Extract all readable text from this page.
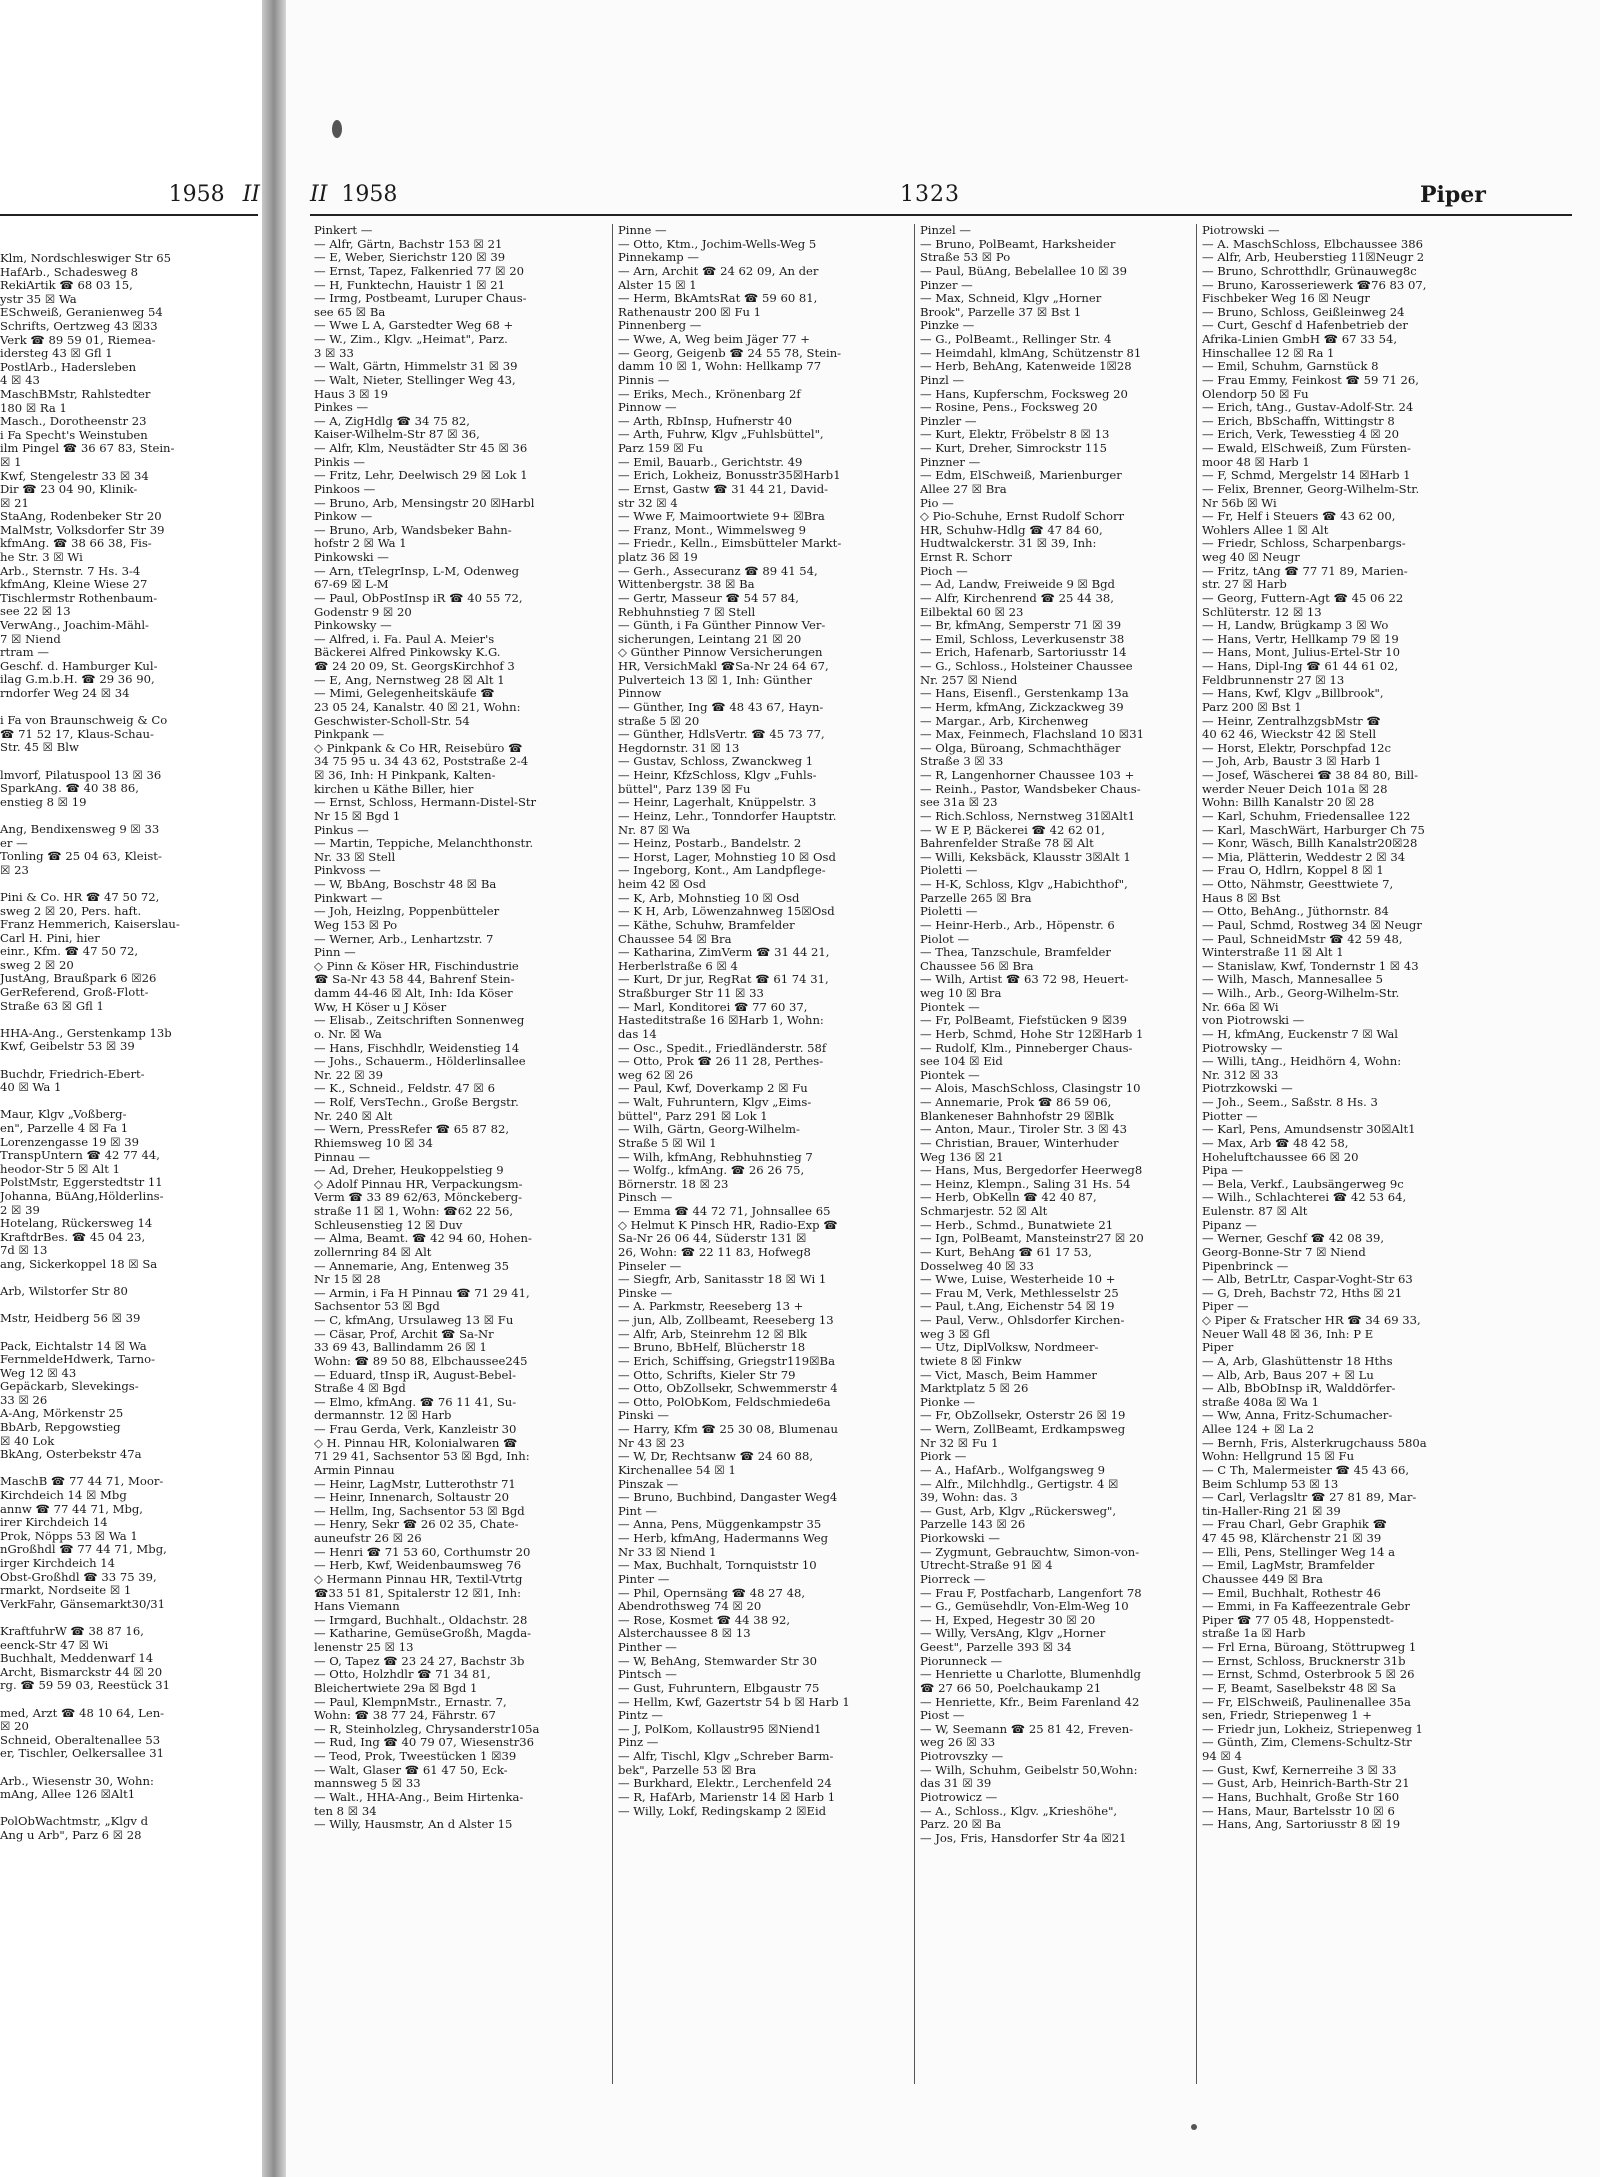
1958 II
Klm, Nordschleswiger Str 65
HafArb., Schadesweg 8
RekiArtik ☎ 68 03 15,
ystr 35 ☒ Wa
ESchweiß, Geranienweg 54
Schrifts, Oertzweg 43 ☒33
Verk ☎ 89 59 01, Riemea-
idersteg 43 ☒ Gfl 1
PostlArb., Hadersleben
4 ☒ 43
MaschBMstr, Rahlstedter
180 ☒ Ra 1
Masch., Dorotheenstr 23
i Fa Specht's Weinstuben
ilm Pingel ☎ 36 67 83, Stein-
☒ 1
Kwf, Stengelestr 33 ☒ 34
Dir ☎ 23 04 90, Klinik-
☒ 21
StaAng, Rodenbeker Str 20
MalMstr, Volksdorfer Str 39
kfmAng. ☎ 38 66 38, Fis-
he Str. 3 ☒ Wi
Arb., Sternstr. 7 Hs. 3-4
kfmAng, Kleine Wiese 27
Tischlermstr Rothenbaum-
see 22 ☒ 13
VerwAng., Joachim-Mähl-
7 ☒ Niend
rtram —
Geschf. d. Hamburger Kul-
ilag G.m.b.H. ☎ 29 36 90,
rndorfer Weg 24 ☒ 34

i Fa von Braunschweig & Co
☎ 71 52 17, Klaus-Schau-
Str. 45 ☒ Blw

lmvorf, Pilatuspool 13 ☒ 36
SparkAng. ☎ 40 38 86,
enstieg 8 ☒ 19

Ang, Bendixensweg 9 ☒ 33
er —
Tonling ☎ 25 04 63, Kleist-
☒ 23

Pini & Co. HR ☎ 47 50 72,
sweg 2 ☒ 20, Pers. haft.
Franz Hemmerich, Kaiserslau-
Carl H. Pini, hier
einr., Kfm. ☎ 47 50 72,
sweg 2 ☒ 20
JustAng, Braußpark 6 ☒26
GerReferend, Groß-Flott-
Straße 63 ☒ Gfl 1

HHA-Ang., Gerstenkamp 13b
Kwf, Geibelstr 53 ☒ 39

Buchdr, Friedrich-Ebert-
40 ☒ Wa 1

Maur, Klgv „Voßberg-
en", Parzelle 4 ☒ Fa 1
Lorenzengasse 19 ☒ 39
TranspUntern ☎ 42 77 44,
heodor-Str 5 ☒ Alt 1
PolstMstr, Eggerstedtstr 11
Johanna, BüAng,Hölderlins-
2 ☒ 39
Hotelang, Rückersweg 14
KraftdrBes. ☎ 45 04 23,
7d ☒ 13
ang, Sickerkoppel 18 ☒ Sa

Arb, Wilstorfer Str 80

Mstr, Heidberg 56 ☒ 39

Pack, Eichtalstr 14 ☒ Wa
FernmeldeHdwerk, Tarno-
Weg 12 ☒ 43
Gepäckarb, Slevekings-
33 ☒ 26
A-Ang, Mörkenstr 25
BbArb, Repgowstieg
☒ 40 Lok
BkAng, Osterbekstr 47a

MaschB ☎ 77 44 71, Moor-
Kirchdeich 14 ☒ Mbg
annw ☎ 77 44 71, Mbg,
irer Kirchdeich 14
Prok, Nöpps 53 ☒ Wa 1
nGroßhdl ☎ 77 44 71, Mbg,
irger Kirchdeich 14
Obst-Großhdl ☎ 33 75 39,
rmarkt, Nordseite ☒ 1
VerkFahr, Gänsemarkt30/31

KraftfuhrW ☎ 38 87 16,
eenck-Str 47 ☒ Wi
Buchhalt, Meddenwarf 14
Archt, Bismarckstr 44 ☒ 20
rg. ☎ 59 59 03, Reestück 31

med, Arzt ☎ 48 10 64, Len-
☒ 20
Schneid, Oberaltenallee 53
er, Tischler, Oelkersallee 31

Arb., Wiesenstr 30, Wohn:
mAng, Allee 126 ☒Alt1

PolObWachtmstr, „Klgv d
Ang u Arb", Parz 6 ☒ 28
II 1958	1323	Piper
Pinkert —
— Alfr, Gärtn, Bachstr 153 ☒ 21
— E, Weber, Sierichstr 120 ☒ 39
— Ernst, Tapez, Falkenried 77 ☒ 20
— H, Funktechn, Hauistr 1 ☒ 21
— Irmg, Postbeamt, Luruper Chaus-
see 65 ☒ Ba
— Wwe L A, Garstedter Weg 68 +
— W., Zim., Klgv. „Heimat", Parz.
3 ☒ 33
— Walt, Gärtn, Himmelstr 31 ☒ 39
— Walt, Nieter, Stellinger Weg 43,
Haus 3 ☒ 19
Pinkes —
— A, ZigHdlg ☎ 34 75 82,
Kaiser-Wilhelm-Str 87 ☒ 36,
— Alfr, Klm, Neustädter Str 45 ☒ 36
Pinkis —
— Fritz, Lehr, Deelwisch 29 ☒ Lok 1
Pinkoos —
— Bruno, Arb, Mensingstr 20 ☒Harbl
Pinkow —
— Bruno, Arb, Wandsbeker Bahn-
hofstr 2 ☒ Wa 1
Pinkowski —
— Arn, tTelegrInsp, L-M, Odenweg
67-69 ☒ L-M
— Paul, ObPostInsp iR ☎ 40 55 72,
Godenstr 9 ☒ 20
Pinkowsky —
— Alfred, i. Fa. Paul A. Meier's
Bäckerei Alfred Pinkowsky K.G.
☎ 24 20 09, St. GeorgsKirchhof 3
— E, Ang, Nernstweg 28 ☒ Alt 1
— Mimi, Gelegenheitskäufe ☎
23 05 24, Kanalstr. 40 ☒ 21, Wohn:
Geschwister-Scholl-Str. 54
Pinkpank —
◇ Pinkpank & Co HR, Reisebüro ☎
34 75 95 u. 34 43 62, Poststraße 2-4
☒ 36, Inh: H Pinkpank, Kalten-
kirchen u Käthe Biller, hier
— Ernst, Schloss, Hermann-Distel-Str
Nr 15 ☒ Bgd 1
Pinkus —
— Martin, Teppiche, Melanchthonstr.
Nr. 33 ☒ Stell
Pinkvoss —
— W, BbAng, Boschstr 48 ☒ Ba
Pinkwart —
— Joh, Heizlng, Poppenbütteler
Weg 153 ☒ Po
— Werner, Arb., Lenhartzstr. 7
Pinn —
◇ Pinn & Köser HR, Fischindustrie
☎ Sa-Nr 43 58 44, Bahrenf Stein-
damm 44-46 ☒ Alt, Inh: Ida Köser
Ww, H Köser u J Köser
— Elisab., Zeitschriften Sonnenweg
o. Nr. ☒ Wa
— Hans, Fischhdlr, Weidenstieg 14
— Johs., Schauerm., Hölderlinsallee
Nr. 22 ☒ 39
— K., Schneid., Feldstr. 47 ☒ 6
— Rolf, VersTechn., Große Bergstr.
Nr. 240 ☒ Alt
— Wern, PressRefer ☎ 65 87 82,
Rhiemsweg 10 ☒ 34
Pinnau —
— Ad, Dreher, Heukoppelstieg 9
◇ Adolf Pinnau HR, Verpackungsm-
Verm ☎ 33 89 62/63, Mönckeberg-
straße 11 ☒ 1, Wohn: ☎62 22 56,
Schleusenstieg 12 ☒ Duv
— Alma, Beamt. ☎ 42 94 60, Hohen-
zollernring 84 ☒ Alt
— Annemarie, Ang, Entenweg 35
Nr 15 ☒ 28
— Armin, i Fa H Pinnau ☎ 71 29 41,
Sachsentor 53 ☒ Bgd
— C, kfmAng, Ursulaweg 13 ☒ Fu
— Cäsar, Prof, Archit ☎ Sa-Nr
33 69 43, Ballindamm 26 ☒ 1
Wohn: ☎ 89 50 88, Elbchaussee245
— Eduard, tInsp iR, August-Bebel-
Straße 4 ☒ Bgd
— Elmo, kfmAng. ☎ 76 11 41, Su-
dermannstr. 12 ☒ Harb
— Frau Gerda, Verk, Kanzleistr 30
◇ H. Pinnau HR, Kolonialwaren ☎
71 29 41, Sachsentor 53 ☒ Bgd, Inh:
Armin Pinnau
— Heinr, LagMstr, Lutterothstr 71
— Heinr, Innenarch, Soltaustr 20
— Hellm, Ing, Sachsentor 53 ☒ Bgd
— Henry, Sekr ☎ 26 02 35, Chate-
auneufstr 26 ☒ 26
— Henri ☎ 71 53 60, Corthumstr 20
— Herb, Kwf, Weidenbaumsweg 76
◇ Hermann Pinnau HR, Textil-Vtrtg
☎33 51 81, Spitalerstr 12 ☒1, Inh:
Hans Viemann
— Irmgard, Buchhalt., Oldachstr. 28
— Katharine, GemüseGroßh, Magda-
lenenstr 25 ☒ 13
— O, Tapez ☎ 23 24 27, Bachstr 3b
— Otto, Holzhdlr ☎ 71 34 81,
Bleichertwiete 29a ☒ Bgd 1
— Paul, KlempnMstr., Ernastr. 7,
Wohn: ☎ 38 77 24, Fährstr. 67
— R, Steinholzleg, Chrysanderstr105a
— Rud, Ing ☎ 40 79 07, Wiesenstr36
— Teod, Prok, Tweestücken 1 ☒39
— Walt, Glaser ☎ 61 47 50, Eck-
mannsweg 5 ☒ 33
— Walt., HHA-Ang., Beim Hirtenka-
ten 8 ☒ 34
— Willy, Hausmstr, An d Alster 15
Pinne —
— Otto, Ktm., Jochim-Wells-Weg 5
Pinnekamp —
— Arn, Archit ☎ 24 62 09, An der
Alster 15 ☒ 1
— Herm, BkAmtsRat ☎ 59 60 81,
Rathenaustr 200 ☒ Fu 1
Pinnenberg —
— Wwe, A, Weg beim Jäger 77 +
— Georg, Geigenb ☎ 24 55 78, Stein-
damm 10 ☒ 1, Wohn: Hellkamp 77
Pinnis —
— Eriks, Mech., Krönenbarg 2f
Pinnow —
— Arth, RbInsp, Hufnerstr 40
— Arth, Fuhrw, Klgv „Fuhlsbüttel",
Parz 159 ☒ Fu
— Emil, Bauarb., Gerichtstr. 49
— Erich, Lokheiz, Bonusstr35☒Harb1
— Ernst, Gastw ☎ 31 44 21, David-
str 32 ☒ 4
— Wwe F, Maimoortwiete 9+ ☒Bra
— Franz, Mont., Wimmelsweg 9
— Friedr., Kelln., Eimsbütteler Markt-
platz 36 ☒ 19
— Gerh., Assecuranz ☎ 89 41 54,
Wittenbergstr. 38 ☒ Ba
— Gertr, Masseur ☎ 54 57 84,
Rebhuhnstieg 7 ☒ Stell
— Günth, i Fa Günther Pinnow Ver-
sicherungen, Leintang 21 ☒ 20
◇ Günther Pinnow Versicherungen
HR, VersichMakl ☎Sa-Nr 24 64 67,
Pulverteich 13 ☒ 1, Inh: Günther
Pinnow
— Günther, Ing ☎ 48 43 67, Hayn-
straße 5 ☒ 20
— Günther, HdlsVertr. ☎ 45 73 77,
Hegdornstr. 31 ☒ 13
— Gustav, Schloss, Zwanckweg 1
— Heinr, KfzSchloss, Klgv „Fuhls-
büttel", Parz 139 ☒ Fu
— Heinr, Lagerhalt, Knüppelstr. 3
— Heinz, Lehr., Tonndorfer Hauptstr.
Nr. 87 ☒ Wa
— Heinz, Postarb., Bandelstr. 2
— Horst, Lager, Mohnstieg 10 ☒ Osd
— Ingeborg, Kont., Am Landpflege-
heim 42 ☒ Osd
— K, Arb, Mohnstieg 10 ☒ Osd
— K H, Arb, Löwenzahnweg 15☒Osd
— Käthe, Schuhw, Bramfelder
Chaussee 54 ☒ Bra
— Katharina, ZimVerm ☎ 31 44 21,
Herberlstraße 6 ☒ 4
— Kurt, Dr jur, RegRat ☎ 61 74 31,
Straßburger Str 11 ☒ 33
— Marl, Konditorei ☎ 77 60 37,
Hasteditstraße 16 ☒Harb 1, Wohn:
das 14
— Osc., Spedit., Friedländerstr. 58f
— Otto, Prok ☎ 26 11 28, Perthes-
weg 62 ☒ 26
— Paul, Kwf, Doverkamp 2 ☒ Fu
— Walt, Fuhruntern, Klgv „Eims-
büttel", Parz 291 ☒ Lok 1
— Wilh, Gärtn, Georg-Wilhelm-
Straße 5 ☒ Wil 1
— Wilh, kfmAng, Rebhuhnstieg 7
— Wolfg., kfmAng. ☎ 26 26 75,
Börnerstr. 18 ☒ 23
Pinsch —
— Emma ☎ 44 72 71, Johnsallee 65
◇ Helmut K Pinsch HR, Radio-Exp ☎
Sa-Nr 26 06 44, Süderstr 131 ☒
26, Wohn: ☎ 22 11 83, Hofweg8
Pinseler —
— Siegfr, Arb, Sanitasstr 18 ☒ Wi 1
Pinske —
— A. Parkmstr, Reeseberg 13 +
— jun, Alb, Zollbeamt, Reeseberg 13
— Alfr, Arb, Steinrehm 12 ☒ Blk
— Bruno, BbHelf, Blücherstr 18
— Erich, Schiffsing, Griegstr119☒Ba
— Otto, Schrifts, Kieler Str 79
— Otto, ObZollsekr, Schwemmerstr 4
— Otto, PolObKom, Feldschmiede6a
Pinski —
— Harry, Kfm ☎ 25 30 08, Blumenau
Nr 43 ☒ 23
— W, Dr, Rechtsanw ☎ 24 60 88,
Kirchenallee 54 ☒ 1
Pinszak —
— Bruno, Buchbind, Dangaster Weg4
Pint —
— Anna, Pens, Müggenkampstr 35
— Herb, kfmAng, Hadermanns Weg
Nr 33 ☒ Niend 1
— Max, Buchhalt, Tornquiststr 10
Pinter —
— Phil, Opernsäng ☎ 48 27 48,
Abendrothsweg 74 ☒ 20
— Rose, Kosmet ☎ 44 38 92,
Alsterchaussee 8 ☒ 13
Pinther —
— W, BehAng, Stemwarder Str 30
Pintsch —
— Gust, Fuhruntern, Elbgaustr 75
— Hellm, Kwf, Gazertstr 54 b ☒ Harb 1
Pintz —
— J, PolKom, Kollaustr95 ☒Niend1
Pinz —
— Alfr, Tischl, Klgv „Schreber Barm-
bek", Parzelle 53 ☒ Bra
— Burkhard, Elektr., Lerchenfeld 24
— R, HafArb, Marienstr 14 ☒ Harb 1
— Willy, Lokf, Redingskamp 2 ☒Eid
Pinzel —
— Bruno, PolBeamt, Harksheider
Straße 53 ☒ Po
— Paul, BüAng, Bebelallee 10 ☒ 39
Pinzer —
— Max, Schneid, Klgv „Horner
Brook", Parzelle 37 ☒ Bst 1
Pinzke —
— G., PolBeamt., Rellinger Str. 4
— Heimdahl, klmAng, Schützenstr 81
— Herb, BehAng, Katenweide 1☒28
Pinzl —
— Hans, Kupferschm, Focksweg 20
— Rosine, Pens., Focksweg 20
Pinzler —
— Kurt, Elektr, Fröbelstr 8 ☒ 13
— Kurt, Dreher, Simrockstr 115
Pinzner —
— Edm, ElSchweiß, Marienburger
Allee 27 ☒ Bra
Pio —
◇ Pio-Schuhe, Ernst Rudolf Schorr
HR, Schuhw-Hdlg ☎ 47 84 60,
Hudtwalckerstr. 31 ☒ 39, Inh:
Ernst R. Schorr
Pioch —
— Ad, Landw, Freiweide 9 ☒ Bgd
— Alfr, Kirchenrend ☎ 25 44 38,
Eilbektal 60 ☒ 23
— Br, kfmAng, Semperstr 71 ☒ 39
— Emil, Schloss, Leverkusenstr 38
— Erich, Hafenarb, Sartoriusstr 14
— G., Schloss., Holsteiner Chaussee
Nr. 257 ☒ Niend
— Hans, Eisenfl., Gerstenkamp 13a
— Herm, kfmAng, Zickzackweg 39
— Margar., Arb, Kirchenweg
— Max, Feinmech, Flachsland 10 ☒31
— Olga, Büroang, Schmachthäger
Straße 3 ☒ 33
— R, Langenhorner Chaussee 103 +
— Reinh., Pastor, Wandsbeker Chaus-
see 31a ☒ 23
— Rich.Schloss, Nernstweg 31☒Alt1
— W E P, Bäckerei ☎ 42 62 01,
Bahrenfelder Straße 78 ☒ Alt
— Willi, Keksbäck, Klausstr 3☒Alt 1
Pioletti —
— H-K, Schloss, Klgv „Habichthof",
Parzelle 265 ☒ Bra
Pioletti —
— Heinr-Herb., Arb., Höpenstr. 6
Piolot —
— Thea, Tanzschule, Bramfelder
Chaussee 56 ☒ Bra
— Wilh, Artist ☎ 63 72 98, Heuert-
weg 10 ☒ Bra
Piontek —
— Fr, PolBeamt, Fiefstücken 9 ☒39
— Herb, Schmd, Hohe Str 12☒Harb 1
— Rudolf, Klm., Pinneberger Chaus-
see 104 ☒ Eid
Piontek —
— Alois, MaschSchloss, Clasingstr 10
— Annemarie, Prok ☎ 86 59 06,
Blankeneser Bahnhofstr 29 ☒Blk
— Anton, Maur., Tiroler Str. 3 ☒ 43
— Christian, Brauer, Winterhuder
Weg 136 ☒ 21
— Hans, Mus, Bergedorfer Heerweg8
— Heinz, Klempn., Saling 31 Hs. 54
— Herb, ObKelln ☎ 42 40 87,
Schmarjestr. 52 ☒ Alt
— Herb., Schmd., Bunatwiete 21
— Ign, PolBeamt, Mansteinstr27 ☒ 20
— Kurt, BehAng ☎ 61 17 53,
Dosselweg 40 ☒ 33
— Wwe, Luise, Westerheide 10 +
— Frau M, Verk, Methlesselstr 25
— Paul, t.Ang, Eichenstr 54 ☒ 19
— Paul, Verw., Ohlsdorfer Kirchen-
weg 3 ☒ Gfl
— Utz, DiplVolksw, Nordmeer-
twiete 8 ☒ Finkw
— Vict, Masch, Beim Hammer
Marktplatz 5 ☒ 26
Pionke —
— Fr, ObZollsekr, Osterstr 26 ☒ 19
— Wern, ZollBeamt, Erdkampsweg
Nr 32 ☒ Fu 1
Piork —
— A., HafArb., Wolfgangsweg 9
— Alfr., Milchhdlg., Gertigstr. 4 ☒
39, Wohn: das. 3
— Gust, Arb, Klgv „Rückersweg",
Parzelle 143 ☒ 26
Piorkowski —
— Zygmunt, Gebrauchtw, Simon-von-
Utrecht-Straße 91 ☒ 4
Piorreck —
— Frau F, Postfacharb, Langenfort 78
— G., Gemüsehdlr, Von-Elm-Weg 10
— H, Exped, Hegestr 30 ☒ 20
— Willy, VersAng, Klgv „Horner
Geest", Parzelle 393 ☒ 34
Piorunneck —
— Henriette u Charlotte, Blumenhdlg
☎ 27 66 50, Poelchaukamp 21
— Henriette, Kfr., Beim Farenland 42
Piost —
— W, Seemann ☎ 25 81 42, Freven-
weg 26 ☒ 33
Piotrovszky —
— Wilh, Schuhm, Geibelstr 50,Wohn:
das 31 ☒ 39
Piotrowicz —
— A., Schloss., Klgv. „Krieshöhe",
Parz. 20 ☒ Ba
— Jos, Fris, Hansdorfer Str 4a ☒21
Piotrowski —
— A. MaschSchloss, Elbchaussee 386
— Alfr, Arb, Heuberstieg 11☒Neugr 2
— Bruno, Schrotthdlr, Grünauweg8c
— Bruno, Karosseriewerk ☎76 83 07,
Fischbeker Weg 16 ☒ Neugr
— Bruno, Schloss, Geißleinweg 24
— Curt, Geschf d Hafenbetrieb der
Afrika-Linien GmbH ☎ 67 33 54,
Hinschallee 12 ☒ Ra 1
— Emil, Schuhm, Garnstück 8
— Frau Emmy, Feinkost ☎ 59 71 26,
Olendorp 50 ☒ Fu
— Erich, tAng., Gustav-Adolf-Str. 24
— Erich, BbSchaffn, Wittingstr 8
— Erich, Verk, Tewesstieg 4 ☒ 20
— Ewald, ElSchweiß, Zum Fürsten-
moor 48 ☒ Harb 1
— F, Schmd, Mergelstr 14 ☒Harb 1
— Felix, Brenner, Georg-Wilhelm-Str.
Nr 56b ☒ Wi
— Fr, Helf i Steuers ☎ 43 62 00,
Wohlers Allee 1 ☒ Alt
— Friedr, Schloss, Scharpenbargs-
weg 40 ☒ Neugr
— Fritz, tAng ☎ 77 71 89, Marien-
str. 27 ☒ Harb
— Georg, Futtern-Agt ☎ 45 06 22
Schlüterstr. 12 ☒ 13
— H, Landw, Brügkamp 3 ☒ Wo
— Hans, Vertr, Hellkamp 79 ☒ 19
— Hans, Mont, Julius-Ertel-Str 10
— Hans, Dipl-Ing ☎ 61 44 61 02,
Feldbrunnenstr 27 ☒ 13
— Hans, Kwf, Klgv „Billbrook",
Parz 200 ☒ Bst 1
— Heinr, ZentralhzgsbMstr ☎
40 62 46, Wieckstr 42 ☒ Stell
— Horst, Elektr, Porschpfad 12c
— Joh, Arb, Baustr 3 ☒ Harb 1
— Josef, Wäscherei ☎ 38 84 80, Bill-
werder Neuer Deich 101a ☒ 28
Wohn: Billh Kanalstr 20 ☒ 28
— Karl, Schuhm, Friedensallee 122
— Karl, MaschWärt, Harburger Ch 75
— Konr, Wäsch, Billh Kanalstr20☒28
— Mia, Plätterin, Weddestr 2 ☒ 34
— Frau O, Hdlrn, Koppel 8 ☒ 1
— Otto, Nähmstr, Geesttwiete 7,
Haus 8 ☒ Bst
— Otto, BehAng., Jüthornstr. 84
— Paul, Schmd, Rostweg 34 ☒ Neugr
— Paul, SchneidMstr ☎ 42 59 48,
Winterstraße 11 ☒ Alt 1
— Stanislaw, Kwf, Tondernstr 1 ☒ 43
— Wilh, Masch, Mannesallee 5
— Wilh., Arb., Georg-Wilhelm-Str.
Nr. 66a ☒ Wi
von Piotrowski —
— H, kfmAng, Euckenstr 7 ☒ Wal
Piotrowsky —
— Willi, tAng., Heidhörn 4, Wohn:
Nr. 312 ☒ 33
Piotrzkowski —
— Joh., Seem., Saßstr. 8 Hs. 3
Piotter —
— Karl, Pens, Amundsenstr 30☒Alt1
— Max, Arb ☎ 48 42 58,
Hoheluftchaussee 66 ☒ 20
Pipa —
— Bela, Verkf., Laubsängerweg 9c
— Wilh., Schlachterei ☎ 42 53 64,
Eulenstr. 87 ☒ Alt
Pipanz —
— Werner, Geschf ☎ 42 08 39,
Georg-Bonne-Str 7 ☒ Niend
Pipenbrinck —
— Alb, BetrLtr, Caspar-Voght-Str 63
— G, Dreh, Bachstr 72, Hths ☒ 21
Piper —
◇ Piper & Fratscher HR ☎ 34 69 33,
Neuer Wall 48 ☒ 36, Inh: P E
Piper
— A, Arb, Glashüttenstr 18 Hths
— Alb, Arb, Baus 207 + ☒ Lu
— Alb, BbObInsp iR, Walddörfer-
straße 408a ☒ Wa 1
— Ww, Anna, Fritz-Schumacher-
Allee 124 + ☒ La 2
— Bernh, Fris, Alsterkrugchauss 580a
Wohn: Hellgrund 15 ☒ Fu
— C Th, Malermeister ☎ 45 43 66,
Beim Schlump 53 ☒ 13
— Carl, Verlagsltr ☎ 27 81 89, Mar-
tin-Haller-Ring 21 ☒ 39
— Frau Charl, Gebr Graphik ☎
47 45 98, Klärchenstr 21 ☒ 39
— Elli, Pens, Stellinger Weg 14 a
— Emil, LagMstr, Bramfelder
Chaussee 449 ☒ Bra
— Emil, Buchhalt, Rothestr 46
— Emmi, in Fa Kaffeezentrale Gebr
Piper ☎ 77 05 48, Hoppenstedt-
straße 1a ☒ Harb
— Frl Erna, Büroang, Stöttrupweg 1
— Ernst, Schloss, Brucknerstr 31b
— Ernst, Schmd, Osterbrook 5 ☒ 26
— F, Beamt, Saselbekstr 48 ☒ Sa
— Fr, ElSchweiß, Paulinenallee 35a
sen, Friedr, Striepenweg 1 +
— Friedr jun, Lokheiz, Striepenweg 1
— Günth, Zim, Clemens-Schultz-Str
94 ☒ 4
— Gust, Kwf, Kernerreihe 3 ☒ 33
— Gust, Arb, Heinrich-Barth-Str 21
— Hans, Buchhalt, Große Str 160
— Hans, Maur, Bartelsstr 10 ☒ 6
— Hans, Ang, Sartoriusstr 8 ☒ 19
